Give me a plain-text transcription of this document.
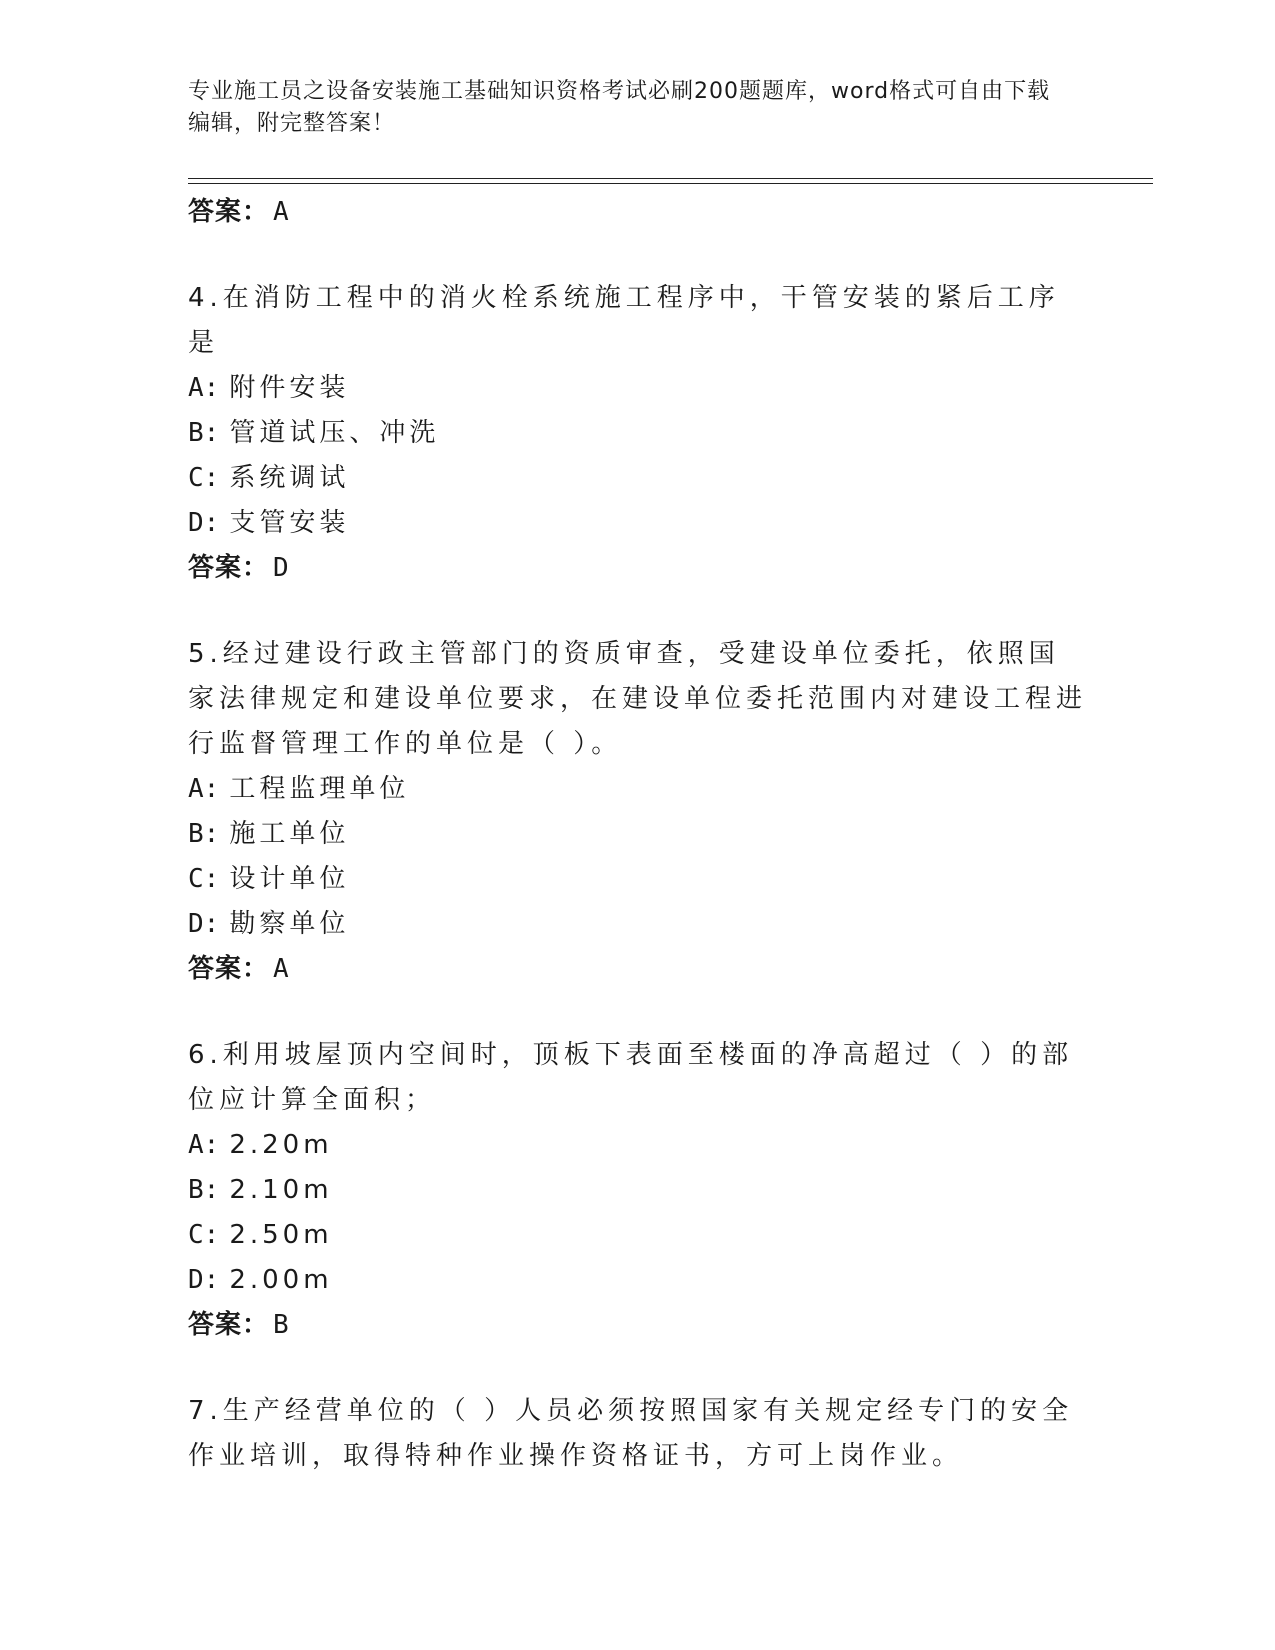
专业施工员之设备安装施工基础知识资格考试必刷200题题库，word格式可自由下载编辑，附完整答案！

答案： A
4.在消防工程中的消火栓系统施工程序中，干管安装的紧后工序是
A: 附件安装
B: 管道试压、冲洗
C: 系统调试
D: 支管安装
答案： D
5.经过建设行政主管部门的资质审查，受建设单位委托，依照国家法律规定和建设单位要求，在建设单位委托范围内对建设工程进行监督管理工作的单位是（ ）。
A: 工程监理单位
B: 施工单位
C: 设计单位
D: 勘察单位
答案： A
6.利用坡屋顶内空间时，顶板下表面至楼面的净高超过（ ）的部位应计算全面积；
A: 2.20m
B: 2.10m
C: 2.50m
D: 2.00m
答案： B
7.生产经营单位的（ ）人员必须按照国家有关规定经专门的安全作业培训，取得特种作业操作资格证书，方可上岗作业。
